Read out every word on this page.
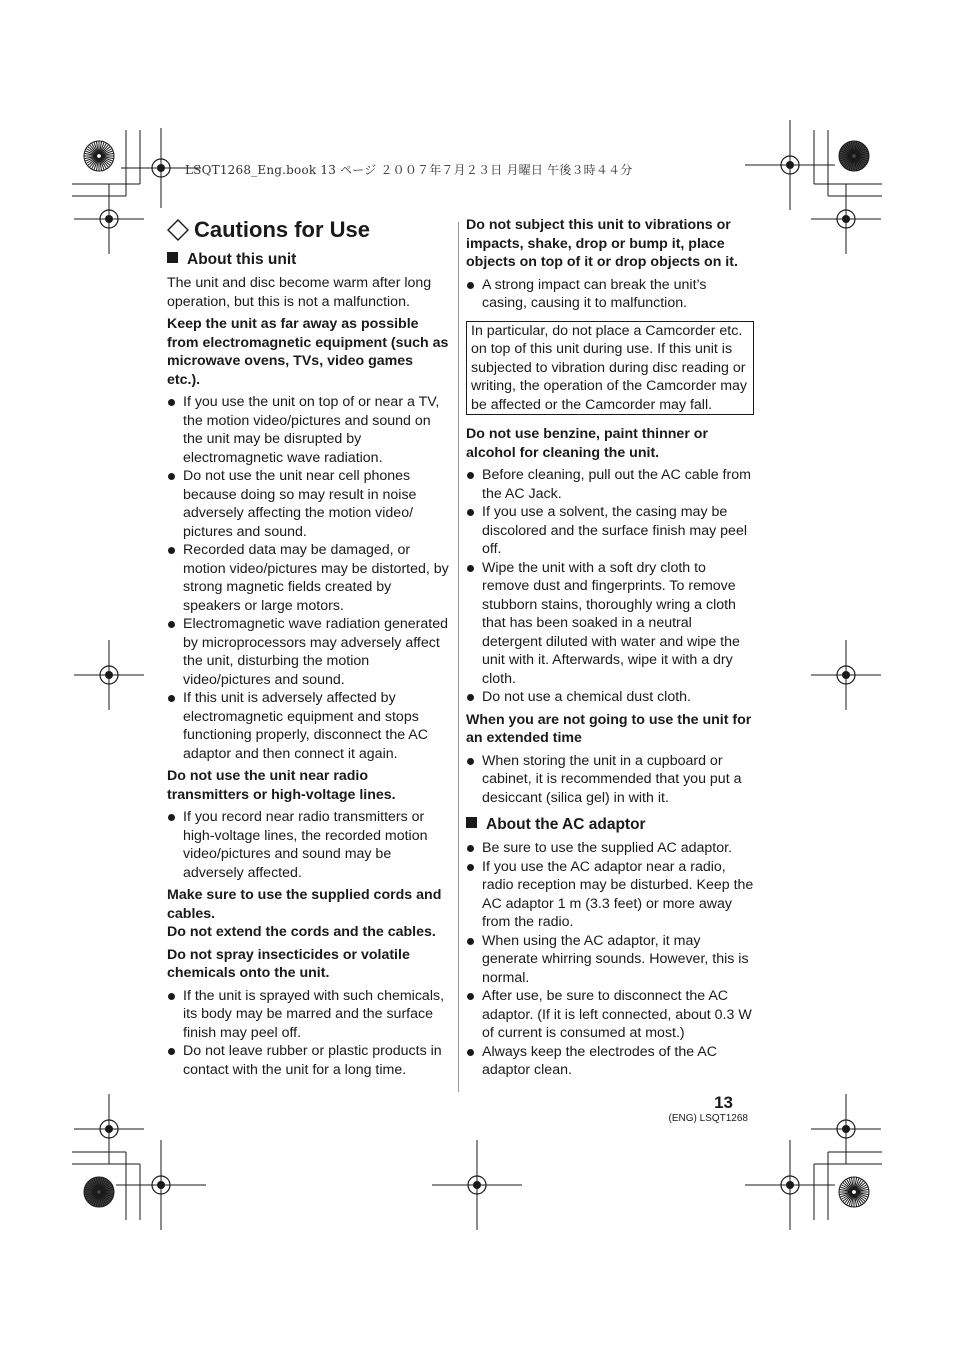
LSQT1268_Eng.book 13 ページ ２００７年７月２３日 月曜日 午後３時４４分
Cautions for Use
About this unit

The unit and disc become warm after long operation, but this is not a malfunction.

Keep the unit as far away as possible from electromagnetic equipment (such as microwave ovens, TVs, video games etc.).

If you use the unit on top of or near a TV, the motion video/pictures and sound on the unit may be disrupted by electromagnetic wave radiation.
Do not use the unit near cell phones because doing so may result in noise adversely affecting the motion video/ pictures and sound.
Recorded data may be damaged, or motion video/pictures may be distorted, by strong magnetic fields created by speakers or large motors.
Electromagnetic wave radiation generated by microprocessors may adversely affect the unit, disturbing the motion video/pictures and sound.
If this unit is adversely affected by electromagnetic equipment and stops functioning properly, disconnect the AC adaptor and then connect it again.

Do not use the unit near radio transmitters or high-voltage lines.

If you record near radio transmitters or high-voltage lines, the recorded motion video/pictures and sound may be adversely affected.

Make sure to use the supplied cords and cables.

Do not extend the cords and the cables.

Do not spray insecticides or volatile chemicals onto the unit.

If the unit is sprayed with such chemicals, its body may be marred and the surface finish may peel off.
Do not leave rubber or plastic products in contact with the unit for a long time.

Do not subject this unit to vibrations or impacts, shake, drop or bump it, place objects on top of it or drop objects on it.

A strong impact can break the unit’s casing, causing it to malfunction.
In particular, do not place a Camcorder etc. on top of this unit during use. If this unit is subjected to vibration during disc reading or writing, the operation of the Camcorder may be affected or the Camcorder may fall.

Do not use benzine, paint thinner or alcohol for cleaning the unit.

Before cleaning, pull out the AC cable from the AC Jack.
If you use a solvent, the casing may be discolored and the surface finish may peel off.
Wipe the unit with a soft dry cloth to remove dust and fingerprints. To remove stubborn stains, thoroughly wring a cloth that has been soaked in a neutral detergent diluted with water and wipe the unit with it. Afterwards, wipe it with a dry cloth.
Do not use a chemical dust cloth.

When you are not going to use the unit for an extended time

When storing the unit in a cupboard or cabinet, it is recommended that you put a desiccant (silica gel) in with it.
About the AC adaptor
Be sure to use the supplied AC adaptor.
If you use the AC adaptor near a radio, radio reception may be disturbed. Keep the AC adaptor 1 m (3.3 feet) or more away from the radio.
When using the AC adaptor, it may generate whirring sounds. However, this is normal.
After use, be sure to disconnect the AC adaptor. (If it is left connected, about 0.3 W of current is consumed at most.)
Always keep the electrodes of the AC adaptor clean.
13
(ENG) LSQT1268
